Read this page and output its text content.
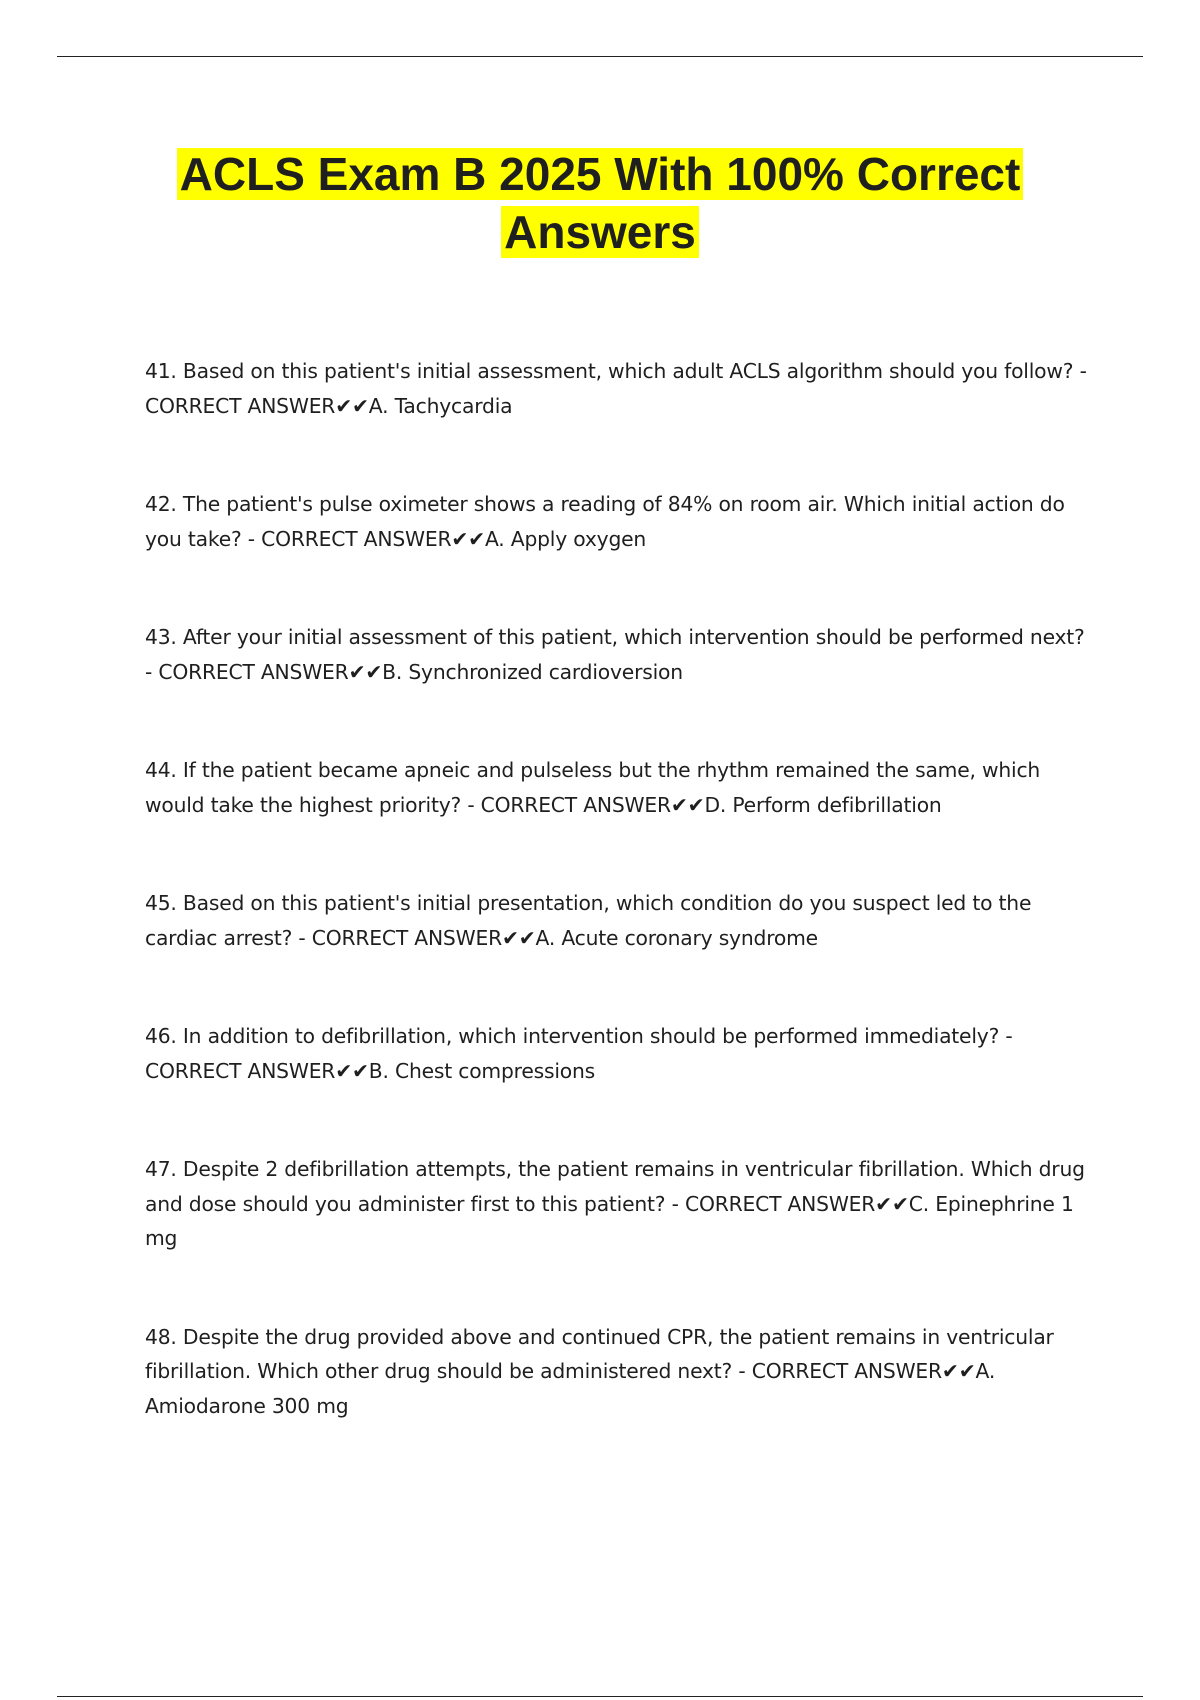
ACLS Exam B 2025 With 100% Correct Answers
41. Based on this patient's initial assessment, which adult ACLS algorithm should you follow? - CORRECT ANSWER✔✔A. Tachycardia
42. The patient's pulse oximeter shows a reading of 84% on room air. Which initial action do you take? - CORRECT ANSWER✔✔A. Apply oxygen
43. After your initial assessment of this patient, which intervention should be performed next? - CORRECT ANSWER✔✔B. Synchronized cardioversion
44. If the patient became apneic and pulseless but the rhythm remained the same, which would take the highest priority? - CORRECT ANSWER✔✔D. Perform defibrillation
45. Based on this patient's initial presentation, which condition do you suspect led to the cardiac arrest? - CORRECT ANSWER✔✔A. Acute coronary syndrome
46. In addition to defibrillation, which intervention should be performed immediately? - CORRECT ANSWER✔✔B. Chest compressions
47. Despite 2 defibrillation attempts, the patient remains in ventricular fibrillation. Which drug and dose should you administer first to this patient? - CORRECT ANSWER✔✔C. Epinephrine 1 mg
48. Despite the drug provided above and continued CPR, the patient remains in ventricular fibrillation. Which other drug should be administered next? - CORRECT ANSWER✔✔A. Amiodarone 300 mg
